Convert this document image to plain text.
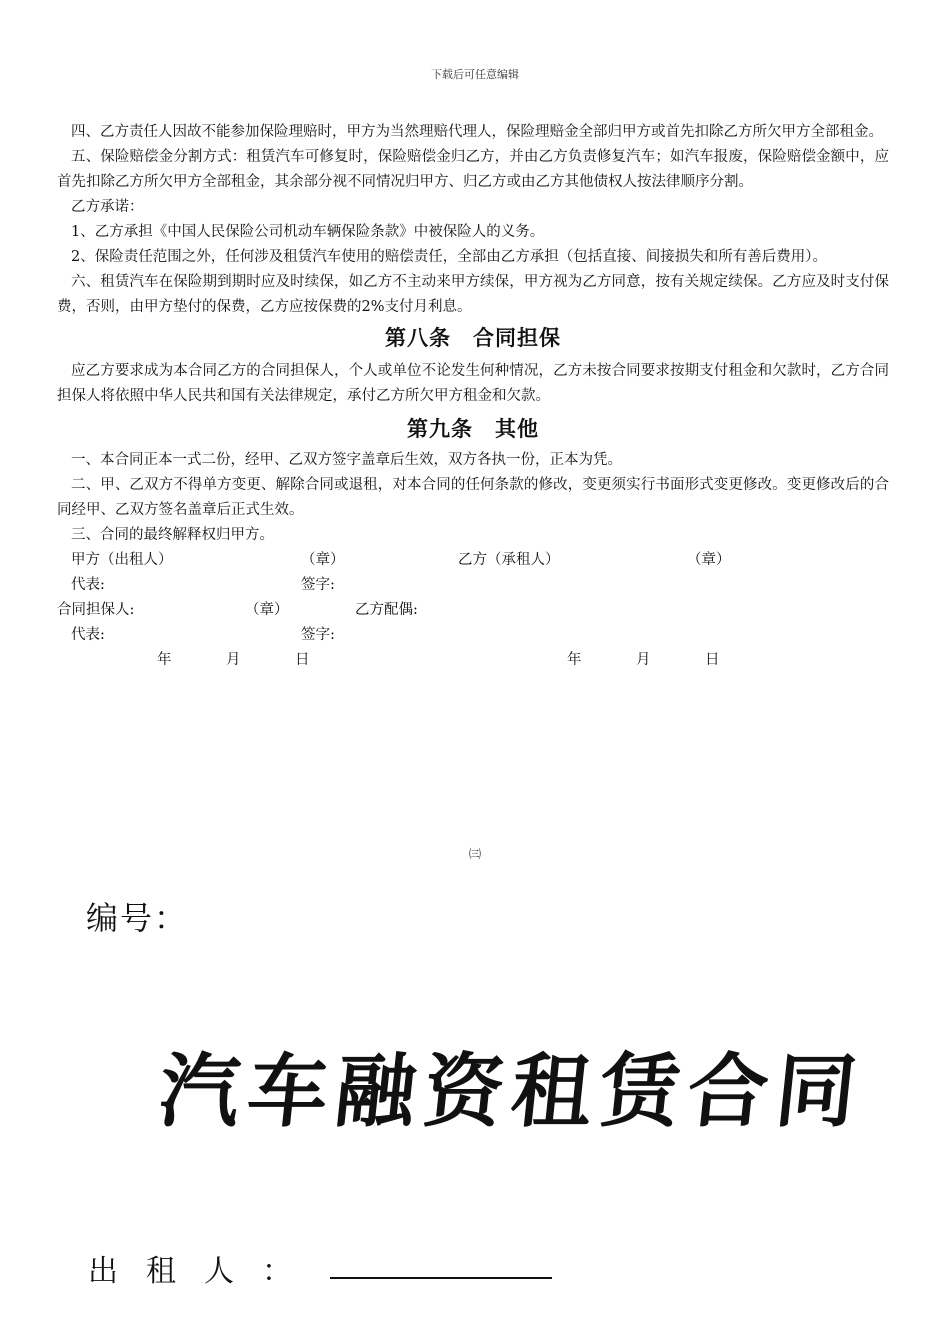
下载后可任意编辑

四、乙方责任人因故不能参加保险理赔时，甲方为当然理赔代理人，保险理赔金全部归甲方或首先扣除乙方所欠甲方全部租金。

五、保险赔偿金分割方式：租赁汽车可修复时，保险赔偿金归乙方，并由乙方负责修复汽车；如汽车报废，保险赔偿金额中，应首先扣除乙方所欠甲方全部租金，其余部分视不同情况归甲方、归乙方或由乙方其他债权人按法律顺序分割。

乙方承诺：

1、乙方承担《中国人民保险公司机动车辆保险条款》中被保险人的义务。

2、保险责任范围之外，任何涉及租赁汽车使用的赔偿责任，全部由乙方承担（包括直接、间接损失和所有善后费用）。

六、租赁汽车在保险期到期时应及时续保，如乙方不主动来甲方续保，甲方视为乙方同意，按有关规定续保。乙方应及时支付保费，否则，由甲方垫付的保费，乙方应按保费的2%支付月利息。

第八条　合同担保

应乙方要求成为本合同乙方的合同担保人，个人或单位不论发生何种情况，乙方未按合同要求按期支付租金和欠款时，乙方合同担保人将依照中华人民共和国有关法律规定，承付乙方所欠甲方租金和欠款。

第九条　其他

一、本合同正本一式二份，经甲、乙双方签字盖章后生效，双方各执一份，正本为凭。

二、甲、乙双方不得单方变更、解除合同或退租，对本合同的任何条款的修改，变更须实行书面形式变更修改。变更修改后的合同经甲、乙双方签名盖章后正式生效。

三、合同的最终解释权归甲方。

甲方（出租人）	（章）	乙方（承租人）	（章）
代表:	签字:
合同担保人:	（章）	乙方配偶:
代表:	签字:
年	月	日	年	月	日
㈢
编号：
汽车融资租赁合同
出租人：
